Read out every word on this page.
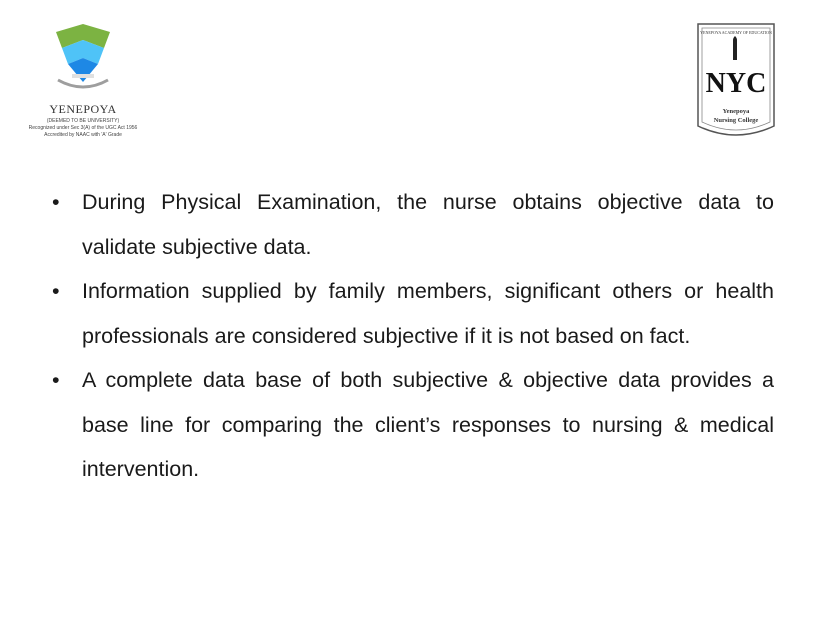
YENEPOYA
(DEEMED TO BE UNIVERSITY)
Recognized under Sec 3(A) of the UGC Act 1956
Accredited by NAAC with 'A' Grade
NYC
YENEPOYA ACADEMY OF EDUCATION
Yenepoya
Nursing College
• During Physical Examination, the nurse obtains objective data to validate subjective data.
• Information supplied by family members, significant others or health professionals are considered subjective if it is not based on fact.
• A complete data base of both subjective & objective data provides a base line for comparing the client’s responses to nursing & medical intervention.
